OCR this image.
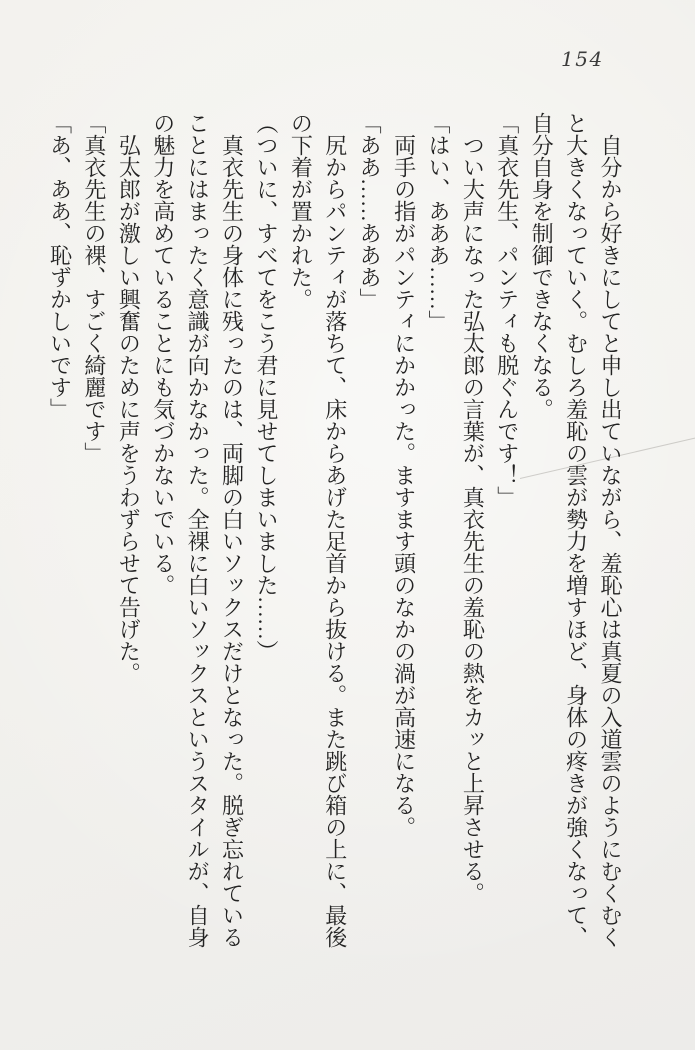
154

　自分から好きにしてと申し出ていながら、羞恥心は真夏の入道雲のようにむくむく

と大きくなっていく。むしろ羞恥の雲が勢力を増すほど、身体の疼きが強くなって、

自分自身を制御できなくなる。

「真衣先生、パンティも脱ぐんです！」

　つい大声になった弘太郎の言葉が、真衣先生の羞恥の熱をカッと上昇させる。

「はい、あああ……」

　両手の指がパンティにかかった。ますます頭のなかの渦が高速になる。

「ああ……あああ」

　尻からパンティが落ちて、床からあげた足首から抜ける。また跳び箱の上に、最後

の下着が置かれた。

（ついに、すべてをこう君に見せてしまいました……）

　真衣先生の身体に残ったのは、両脚の白いソックスだけとなった。脱ぎ忘れている

ことにはまったく意識が向かなかった。全裸に白いソックスというスタイルが、自身

の魅力を高めていることにも気づかないでいる。

　弘太郎が激しい興奮のために声をうわずらせて告げた。

「真衣先生の裸、すごく綺麗です」

「あ、ああ、恥ずかしいです」
